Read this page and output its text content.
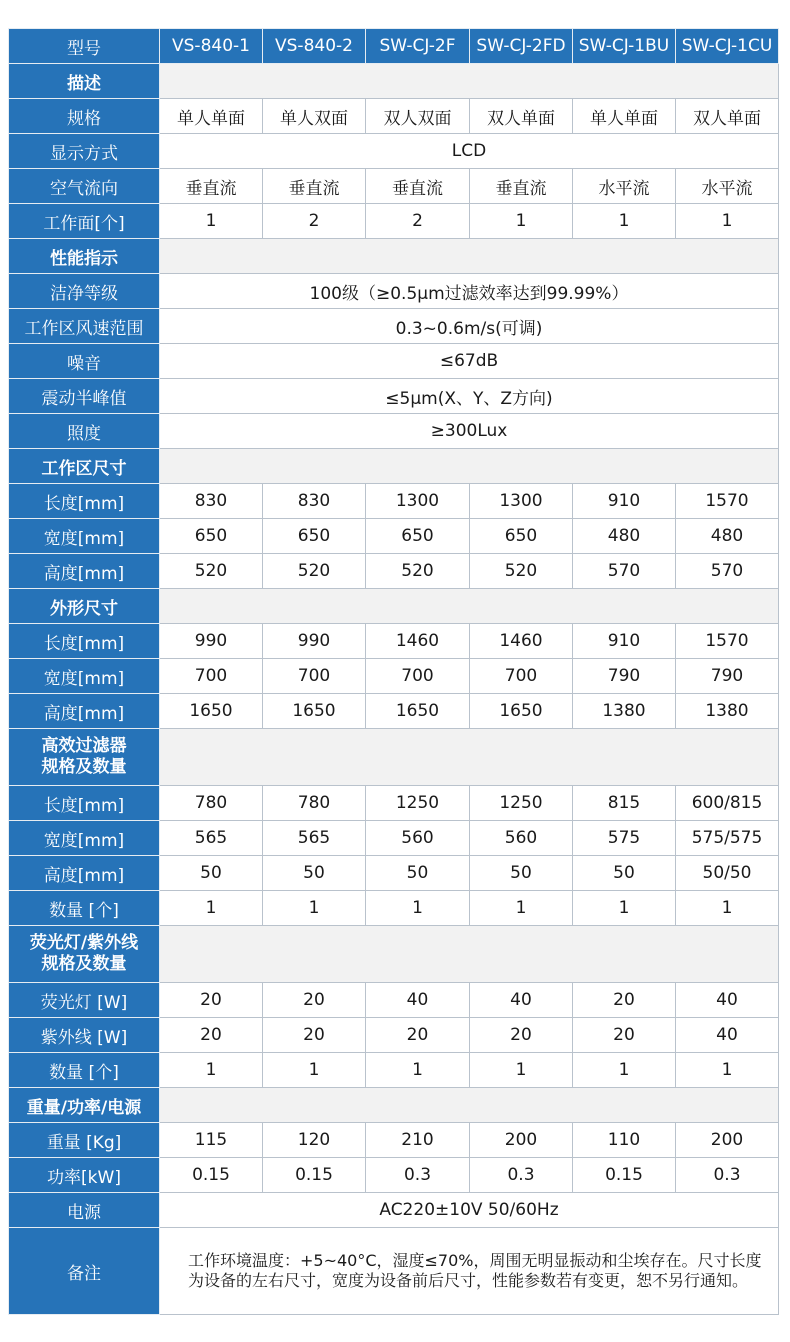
型号	VS-840-1	VS-840-2	SW-CJ-2F	SW-CJ-2FD	SW-CJ-1BU	SW-CJ-1CU
描述						
规格	单人单面	单人双面	双人双面	双人单面	单人单面	双人单面
显示方式	LCD					
空气流向	垂直流	垂直流	垂直流	垂直流	水平流	水平流
工作面[个]	1	2	2	1	1	1
性能指示						
洁净等级	100级（≥0.5μm过滤效率达到99.99%）					
工作区风速范围	0.3~0.6m/s(可调)					
噪音	≤67dB					
震动半峰值	≤5μm(X、Y、Z方向)					
照度	≥300Lux					
工作区尺寸						
长度[mm]	830	830	1300	1300	910	1570
宽度[mm]	650	650	650	650	480	480
高度[mm]	520	520	520	520	570	570
外形尺寸						
长度[mm]	990	990	1460	1460	910	1570
宽度[mm]	700	700	700	700	790	790
高度[mm]	1650	1650	1650	1650	1380	1380
高效过滤器
规格及数量						
长度[mm]	780	780	1250	1250	815	600/815
宽度[mm]	565	565	560	560	575	575/575
高度[mm]	50	50	50	50	50	50/50
数量 [个]	1	1	1	1	1	1
荧光灯/紫外线
规格及数量						
荧光灯 [W]	20	20	40	40	20	40
紫外线 [W]	20	20	20	20	20	40
数量 [个]	1	1	1	1	1	1
重量/功率/电源						
重量 [Kg]	115	120	210	200	110	200
功率[kW]	0.15	0.15	0.3	0.3	0.15	0.3
电源	AC220±10V 50/60Hz					
备注	工作环境温度：+5~40°C，湿度≤70%，周围无明显振动和尘埃存在。尺寸长度为设备的左右尺寸，宽度为设备前后尺寸，性能参数若有变更，恕不另行通知。					
